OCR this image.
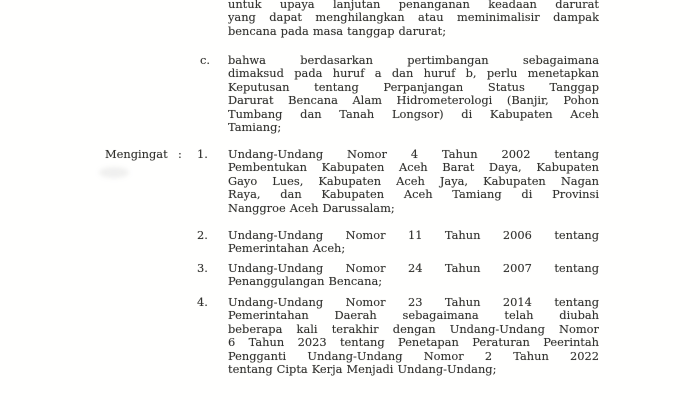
untuk upaya lanjutan penanganan keadaan darurat
yang dapat menghilangkan atau meminimalisir dampak
bencana pada masa tanggap darurat;
c.	bahwa berdasarkan pertimbangan sebagaimana
dimaksud pada huruf a dan huruf b, perlu menetapkan
Keputusan tentang Perpanjangan Status Tanggap
Darurat Bencana Alam Hidrometerologi (Banjir, Pohon
Tumbang dan Tanah Longsor) di Kabupaten Aceh
Tamiang;
Mengingat : 1.	Undang-Undang Nomor 4 Tahun 2002 tentang
Pembentukan Kabupaten Aceh Barat Daya, Kabupaten
Gayo Lues, Kabupaten Aceh Jaya, Kabupaten Nagan
Raya, dan Kabupaten Aceh Tamiang di Provinsi
Nanggroe Aceh Darussalam;
2.	Undang-Undang Nomor 11 Tahun 2006 tentang
Pemerintahan Aceh;
3.	Undang-Undang Nomor 24 Tahun 2007 tentang
Penanggulangan Bencana;
4.	Undang-Undang Nomor 23 Tahun 2014 tentang
Pemerintahan Daerah sebagaimana telah diubah
beberapa kali terakhir dengan Undang-Undang Nomor
6 Tahun 2023 tentang Penetapan Peraturan Peerintah
Pengganti Undang-Undang Nomor 2 Tahun 2022
tentang Cipta Kerja Menjadi Undang-Undang;
